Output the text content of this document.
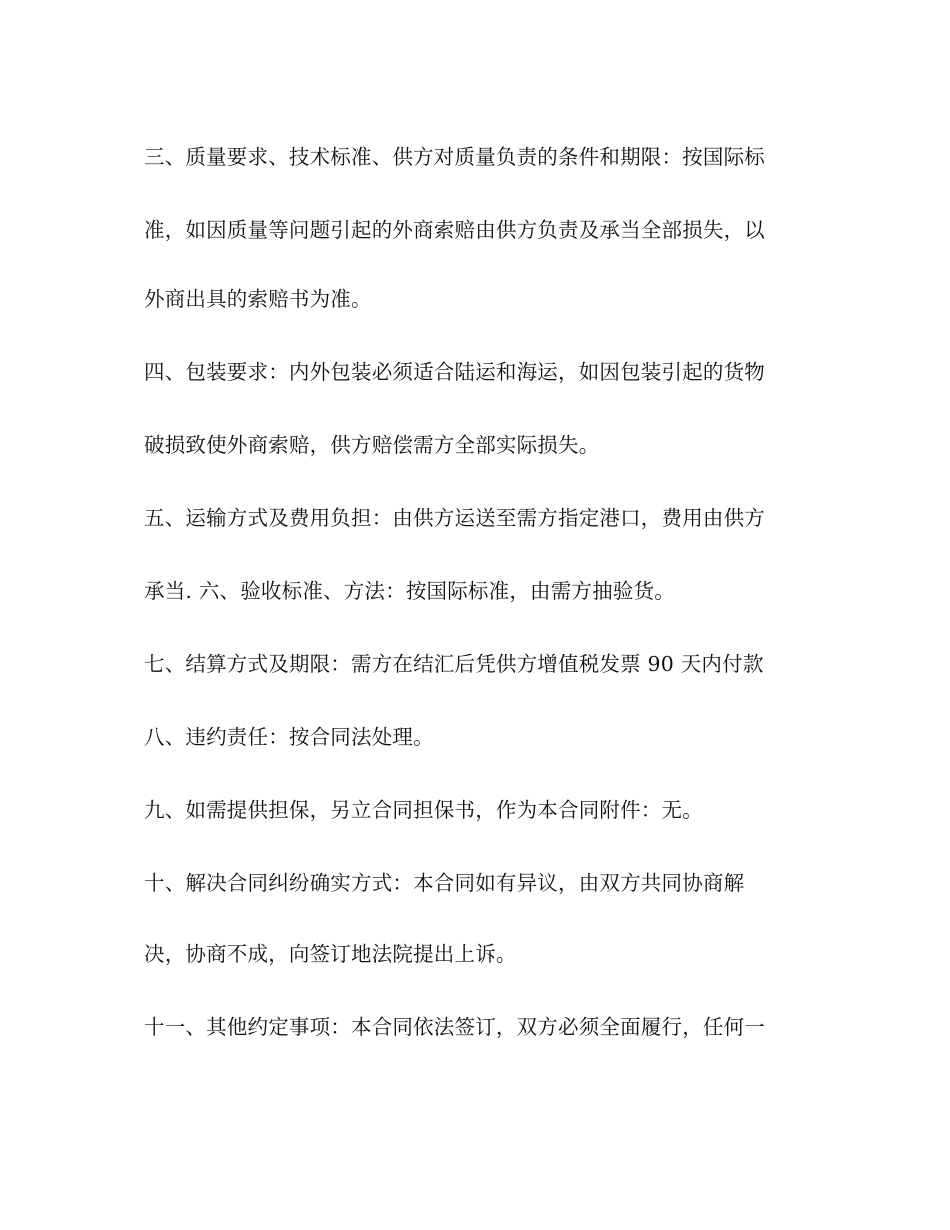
三、质量要求、技术标准、供方对质量负责的条件和期限：按国际标
准，如因质量等问题引起的外商索赔由供方负责及承当全部损失，以
外商出具的索赔书为准。
四、包装要求：内外包装必须适合陆运和海运，如因包装引起的货物
破损致使外商索赔，供方赔偿需方全部实际损失。
五、运输方式及费用负担：由供方运送至需方指定港口，费用由供方
承当. 六、验收标准、方法：按国际标准，由需方抽验货。
七、结算方式及期限：需方在结汇后凭供方增值税发票 90 天内付款
八、违约责任：按合同法处理。
九、如需提供担保，另立合同担保书，作为本合同附件：无。
十、解决合同纠纷确实方式：本合同如有异议，由双方共同协商解
决，协商不成，向签订地法院提出上诉。
十一、其他约定事项：本合同依法签订，双方必须全面履行，任何一
